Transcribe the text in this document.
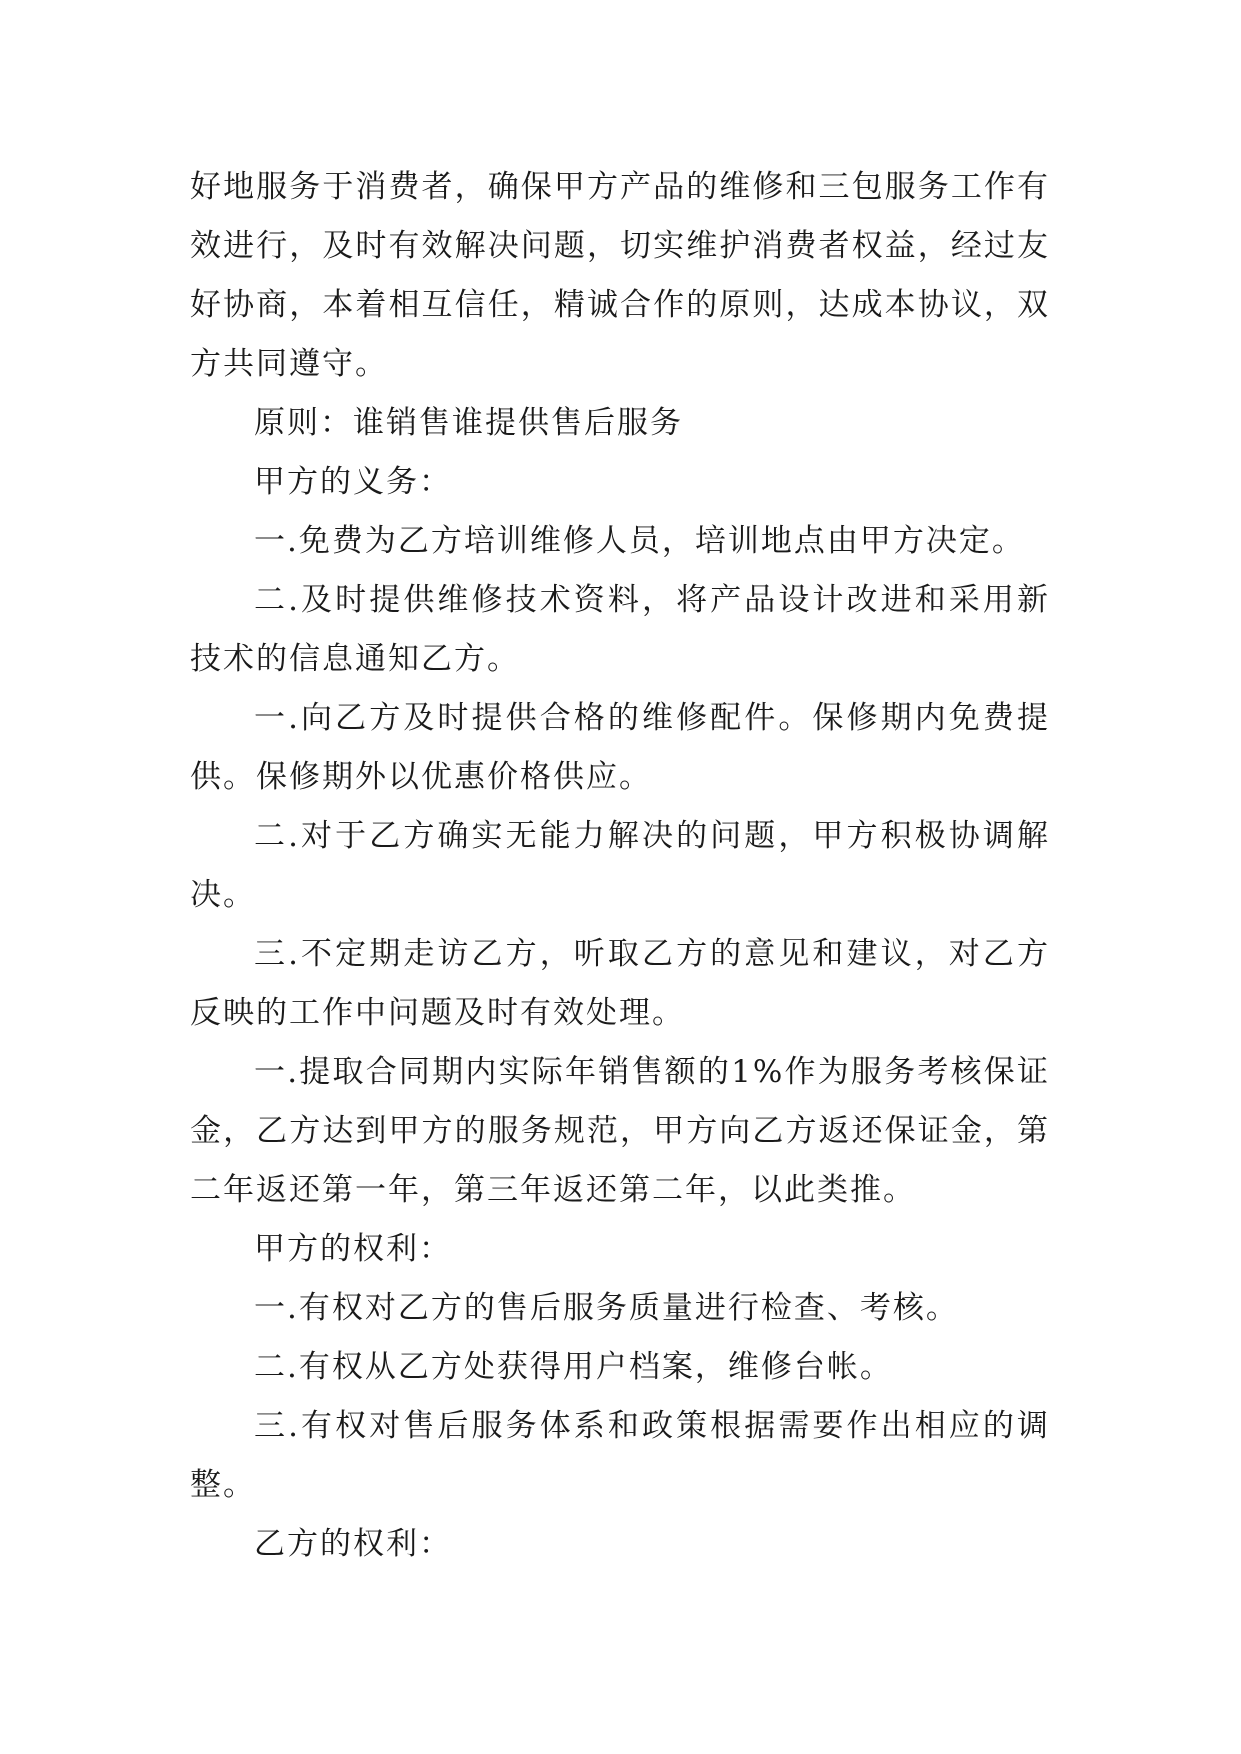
好地服务于消费者，确保甲方产品的维修和三包服务工作有效进行，及时有效解决问题，切实维护消费者权益，经过友好协商，本着相互信任，精诚合作的原则，达成本协议，双方共同遵守。

原则：谁销售谁提供售后服务

甲方的义务：

一.免费为乙方培训维修人员，培训地点由甲方决定。

二.及时提供维修技术资料，将产品设计改进和采用新技术的信息通知乙方。

一.向乙方及时提供合格的维修配件。保修期内免费提供。保修期外以优惠价格供应。

二.对于乙方确实无能力解决的问题，甲方积极协调解决。

三.不定期走访乙方，听取乙方的意见和建议，对乙方反映的工作中问题及时有效处理。

一.提取合同期内实际年销售额的1%作为服务考核保证金，乙方达到甲方的服务规范，甲方向乙方返还保证金，第二年返还第一年，第三年返还第二年，以此类推。

甲方的权利：

一.有权对乙方的售后服务质量进行检查、考核。

二.有权从乙方处获得用户档案，维修台帐。

三.有权对售后服务体系和政策根据需要作出相应的调整。

乙方的权利：
